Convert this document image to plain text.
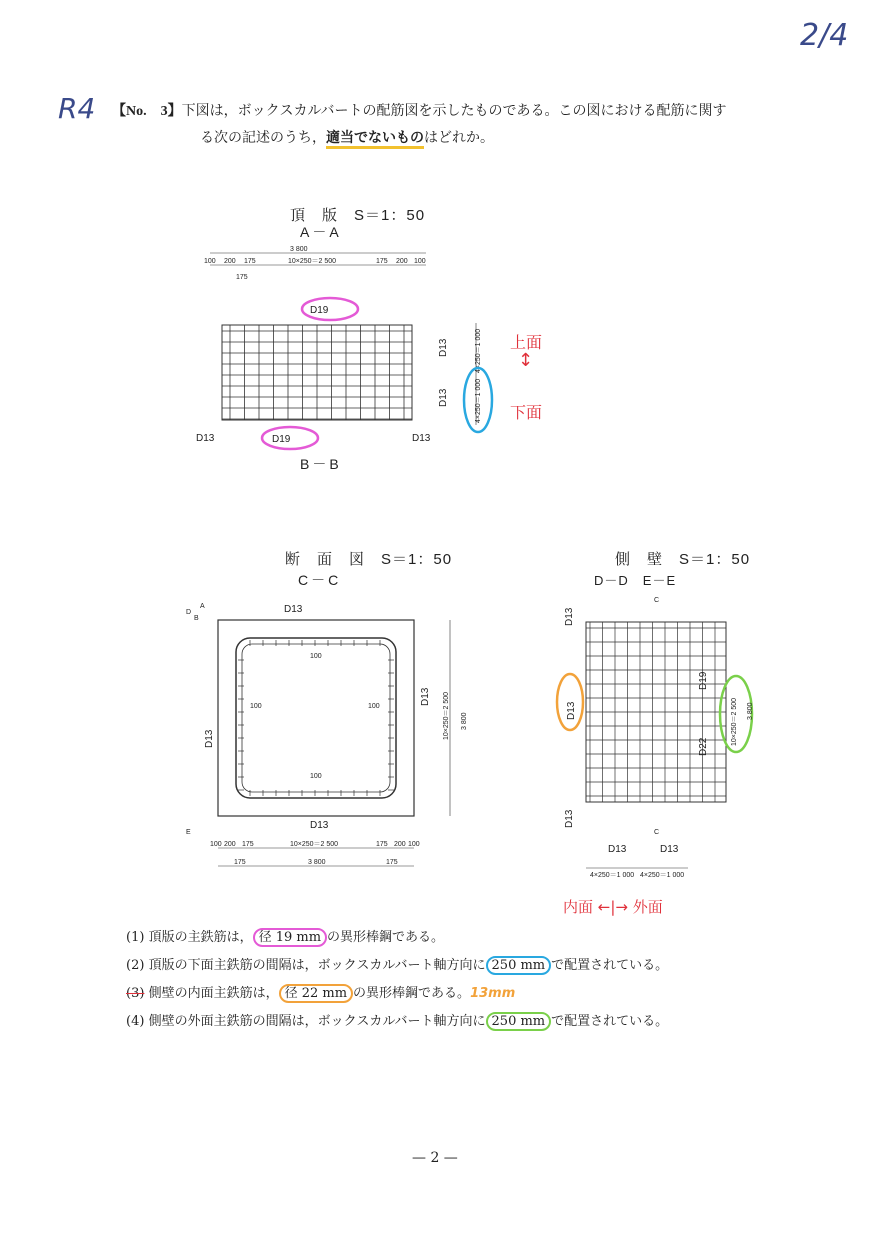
2/4
R4 【No.　3】下図は，ボックスカルバートの配筋図を示したものである。この図における配筋に関す
る次の記述のうち，適当でないものはどれか。
頂　版　S＝1：50
A－A
B－B
上面
↕
下面
3 800
100 200 175	10×250＝2 500	175 200 100
175
D19
D19
D13	D13
D13
D13
4×250＝1 000
4×250＝1 000
断　面　図　S＝1：50
C－C
D13
D13
D13
D13
100
100	100
100
D
E
A
B
10×250＝2 500 3 800
100 200 175	10×250＝2 500	175 200 100
175	3 800	175
側　壁　S＝1：50
D－D　E－E
D13
D13
D13
D19
D22
10×250＝2 500 3 800
D13	D13
4×250＝1 000 4×250＝1 000
C
C
内面 ←|→ 外面
(1) 頂版の主鉄筋は， 径 19 mm の異形棒鋼である。
(2) 頂版の下面主鉄筋の間隔は，ボックスカルバート軸方向に 250 mm で配置されている。
(3) 側壁の内面主鉄筋は， 径 22 mm の異形棒鋼である。13mm
(4) 側壁の外面主鉄筋の間隔は，ボックスカルバート軸方向に 250 mm で配置されている。
— 2 —
